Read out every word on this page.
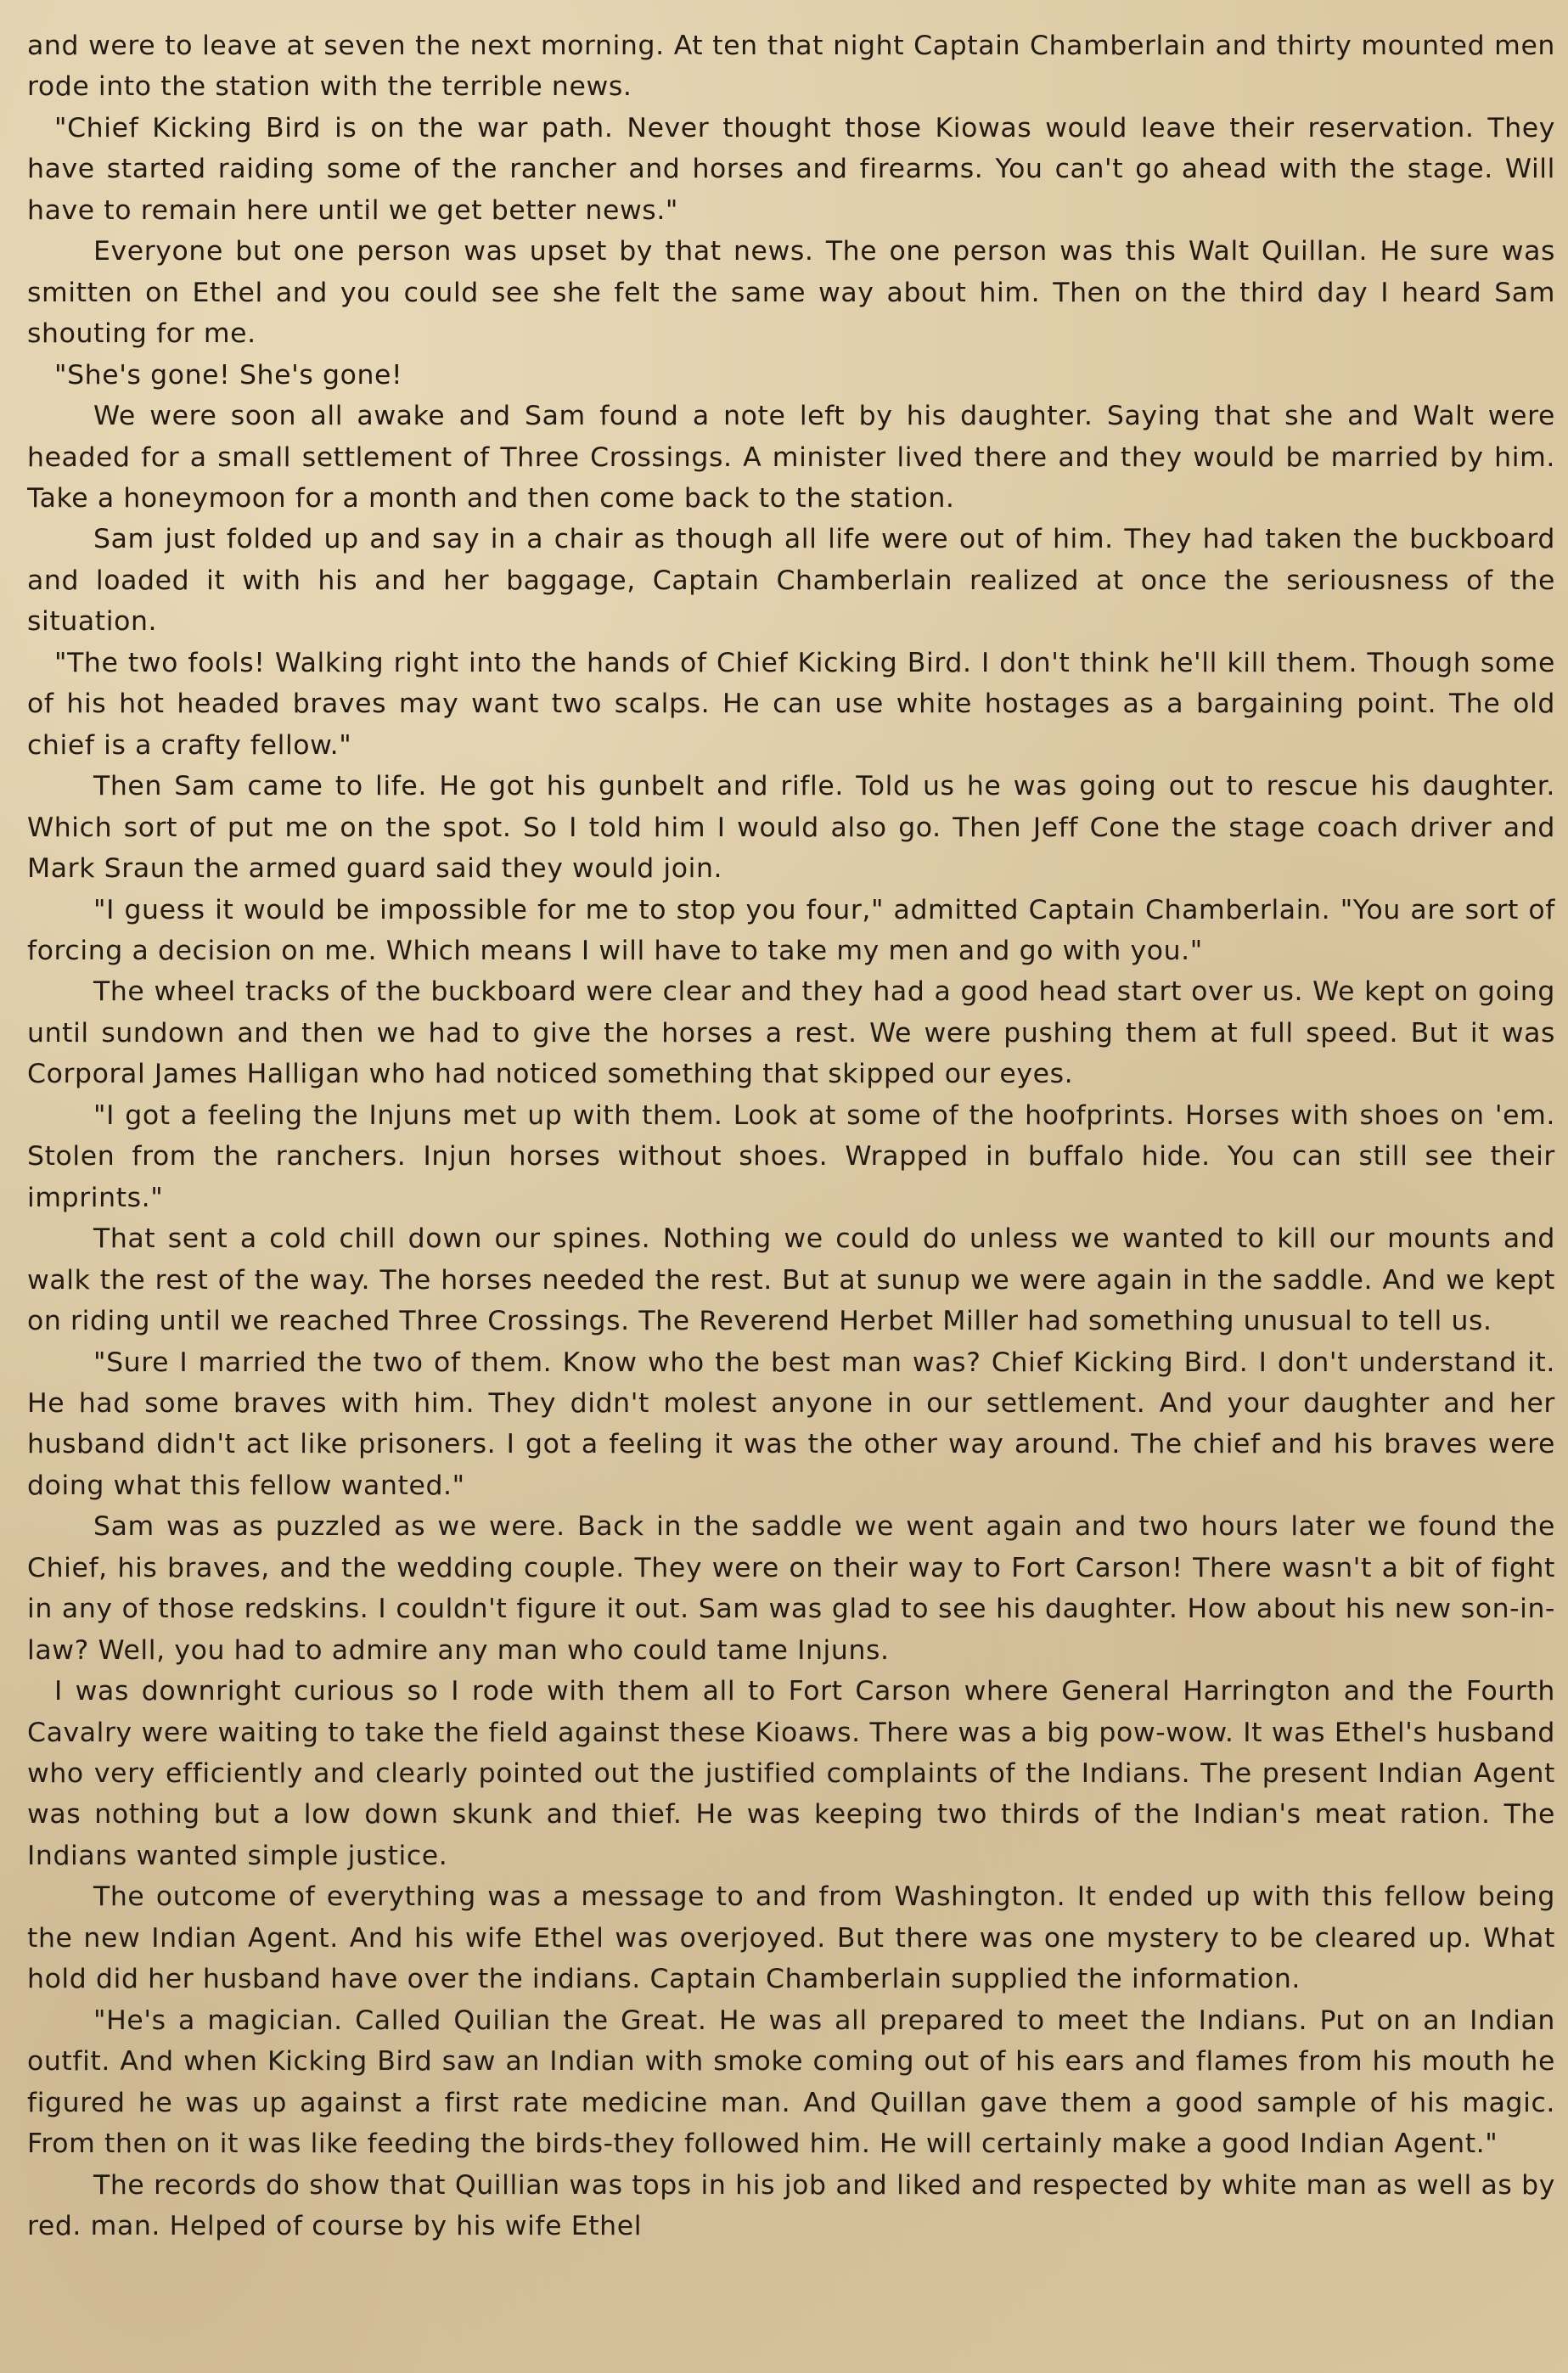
and were to leave at seven the next morning. At ten that night Captain Chamberlain and thirty mounted men rode into the station with the terrible news.

"Chief Kicking Bird is on the war path. Never thought those Kiowas would leave their reservation. They have started raiding some of the rancher and horses and firearms. You can't go ahead with the stage. Will have to remain here until we get better news."

Everyone but one person was upset by that news. The one person was this Walt Quillan. He sure was smitten on Ethel and you could see she felt the same way about him. Then on the third day I heard Sam shouting for me.

"She's gone! She's gone!

We were soon all awake and Sam found a note left by his daughter. Saying that she and Walt were headed for a small settlement of Three Crossings. A minister lived there and they would be married by him. Take a honeymoon for a month and then come back to the station.

Sam just folded up and say in a chair as though all life were out of him. They had taken the buckboard and loaded it with his and her baggage, Captain Chamberlain realized at once the seriousness of the situation.

"The two fools! Walking right into the hands of Chief Kicking Bird. I don't think he'll kill them. Though some of his hot headed braves may want two scalps. He can use white hostages as a bargaining point. The old chief is a crafty fellow."

Then Sam came to life. He got his gunbelt and rifle. Told us he was going out to rescue his daughter. Which sort of put me on the spot. So I told him I would also go. Then Jeff Cone the stage coach driver and Mark Sraun the armed guard said they would join.

"I guess it would be impossible for me to stop you four," admitted Captain Chamberlain. "You are sort of forcing a decision on me. Which means I will have to take my men and go with you."

The wheel tracks of the buckboard were clear and they had a good head start over us. We kept on going until sundown and then we had to give the horses a rest. We were pushing them at full speed. But it was Corporal James Halligan who had noticed something that skipped our eyes.

"I got a feeling the Injuns met up with them. Look at some of the hoofprints. Horses with shoes on 'em. Stolen from the ranchers. Injun horses without shoes. Wrapped in buffalo hide. You can still see their imprints."

That sent a cold chill down our spines. Nothing we could do unless we wanted to kill our mounts and walk the rest of the way. The horses needed the rest. But at sunup we were again in the saddle. And we kept on riding until we reached Three Crossings. The Reverend Herbet Miller had something unusual to tell us.

"Sure I married the two of them. Know who the best man was? Chief Kicking Bird. I don't understand it. He had some braves with him. They didn't molest anyone in our settlement. And your daughter and her husband didn't act like prisoners. I got a feeling it was the other way around. The chief and his braves were doing what this fellow wanted."

Sam was as puzzled as we were. Back in the saddle we went again and two hours later we found the Chief, his braves, and the wedding couple. They were on their way to Fort Carson! There wasn't a bit of fight in any of those redskins. I couldn't figure it out. Sam was glad to see his daughter. How about his new son-in-law? Well, you had to admire any man who could tame Injuns.

I was downright curious so I rode with them all to Fort Carson where General Harrington and the Fourth Cavalry were waiting to take the field against these Kioaws. There was a big pow-wow. It was Ethel's husband who very efficiently and clearly pointed out the justified complaints of the Indians. The present Indian Agent was nothing but a low down skunk and thief. He was keeping two thirds of the Indian's meat ration. The Indians wanted simple justice.

The outcome of everything was a message to and from Washington. It ended up with this fellow being the new Indian Agent. And his wife Ethel was overjoyed. But there was one mystery to be cleared up. What hold did her husband have over the indians. Captain Chamberlain supplied the information.

"He's a magician. Called Quilian the Great. He was all prepared to meet the Indians. Put on an Indian outfit. And when Kicking Bird saw an Indian with smoke coming out of his ears and flames from his mouth he figured he was up against a first rate medicine man. And Quillan gave them a good sample of his magic. From then on it was like feeding the birds-they followed him. He will certainly make a good Indian Agent."

The records do show that Quillian was tops in his job and liked and respected by white man as well as by red. man. Helped of course by his wife Ethel
